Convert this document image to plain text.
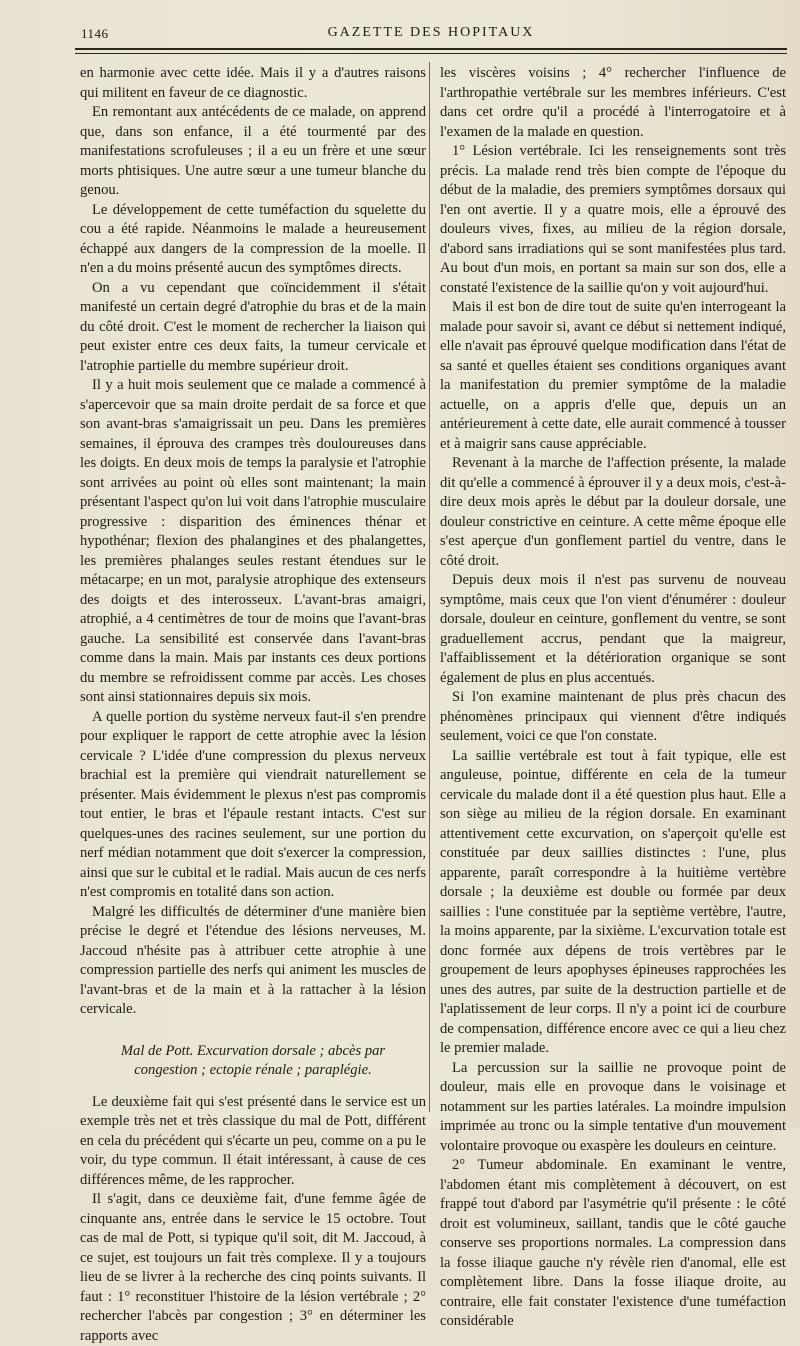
1146	GAZETTE DES HOPITAUX

en harmonie avec cette idée. Mais il y a d'autres raisons qui militent en faveur de ce diagnostic.

En remontant aux antécédents de ce malade, on apprend que, dans son enfance, il a été tourmenté par des manifestations scrofuleuses ; il a eu un frère et une sœur morts phtisiques. Une autre sœur a une tumeur blanche du genou.

Le développement de cette tuméfaction du squelette du cou a été rapide. Néanmoins le malade a heureusement échappé aux dangers de la compression de la moelle. Il n'en a du moins présenté aucun des symptômes directs.

On a vu cependant que coïncidemment il s'était manifesté un certain degré d'atrophie du bras et de la main du côté droit. C'est le moment de rechercher la liaison qui peut exister entre ces deux faits, la tumeur cervicale et l'atrophie partielle du membre supérieur droit.

Il y a huit mois seulement que ce malade a commencé à s'apercevoir que sa main droite perdait de sa force et que son avant-bras s'amaigrissait un peu. Dans les premières semaines, il éprouva des crampes très douloureuses dans les doigts. En deux mois de temps la paralysie et l'atrophie sont arrivées au point où elles sont maintenant; la main présentant l'aspect qu'on lui voit dans l'atrophie musculaire progressive : disparition des éminences thénar et hypothénar; flexion des phalangines et des phalangettes, les premières phalanges seules restant étendues sur le métacarpe; en un mot, paralysie atrophique des extenseurs des doigts et des interosseux. L'avant-bras amaigri, atrophié, a 4 centimètres de tour de moins que l'avant-bras gauche. La sensibilité est conservée dans l'avant-bras comme dans la main. Mais par instants ces deux portions du membre se refroidissent comme par accès. Les choses sont ainsi stationnaires depuis six mois.

A quelle portion du système nerveux faut-il s'en prendre pour expliquer le rapport de cette atrophie avec la lésion cervicale ? L'idée d'une compression du plexus nerveux brachial est la première qui viendrait naturellement se présenter. Mais évidemment le plexus n'est pas compromis tout entier, le bras et l'épaule restant intacts. C'est sur quelques-unes des racines seulement, sur une portion du nerf médian notamment que doit s'exercer la compression, ainsi que sur le cubital et le radial. Mais aucun de ces nerfs n'est compromis en totalité dans son action.

Malgré les difficultés de déterminer d'une manière bien précise le degré et l'étendue des lésions nerveuses, M. Jaccoud n'hésite pas à attribuer cette atrophie à une compression partielle des nerfs qui animent les muscles de l'avant-bras et de la main et à la rattacher à la lésion cervicale.

Mal de Pott. Excurvation dorsale ; abcès par congestion ; ectopie rénale ; paraplégie.

Le deuxième fait qui s'est présenté dans le service est un exemple très net et très classique du mal de Pott, différent en cela du précédent qui s'écarte un peu, comme on a pu le voir, du type commun. Il était intéressant, à cause de ces différences même, de les rapprocher.

Il s'agit, dans ce deuxième fait, d'une femme âgée de cinquante ans, entrée dans le service le 15 octobre. Tout cas de mal de Pott, si typique qu'il soit, dit M. Jaccoud, à ce sujet, est toujours un fait très complexe. Il y a toujours lieu de se livrer à la recherche des cinq points suivants. Il faut : 1° reconstituer l'histoire de la lésion vertébrale ; 2° rechercher l'abcès par congestion ; 3° en déterminer les rapports avec

les viscères voisins ; 4° rechercher l'influence de l'arthropathie vertébrale sur les membres inférieurs. C'est dans cet ordre qu'il a procédé à l'interrogatoire et à l'examen de la malade en question.

1° Lésion vertébrale. Ici les renseignements sont très précis. La malade rend très bien compte de l'époque du début de la maladie, des premiers symptômes dorsaux qui l'en ont avertie. Il y a quatre mois, elle a éprouvé des douleurs vives, fixes, au milieu de la région dorsale, d'abord sans irradiations qui se sont manifestées plus tard. Au bout d'un mois, en portant sa main sur son dos, elle a constaté l'existence de la saillie qu'on y voit aujourd'hui.

Mais il est bon de dire tout de suite qu'en interrogeant la malade pour savoir si, avant ce début si nettement indiqué, elle n'avait pas éprouvé quelque modification dans l'état de sa santé et quelles étaient ses conditions organiques avant la manifestation du premier symptôme de la maladie actuelle, on a appris d'elle que, depuis un an antérieurement à cette date, elle aurait commencé à tousser et à maigrir sans cause appréciable.

Revenant à la marche de l'affection présente, la malade dit qu'elle a commencé à éprouver il y a deux mois, c'est-à-dire deux mois après le début par la douleur dorsale, une douleur constrictive en ceinture. A cette même époque elle s'est aperçue d'un gonflement partiel du ventre, dans le côté droit.

Depuis deux mois il n'est pas survenu de nouveau symptôme, mais ceux que l'on vient d'énumérer : douleur dorsale, douleur en ceinture, gonflement du ventre, se sont graduellement accrus, pendant que la maigreur, l'affaiblissement et la détérioration organique se sont également de plus en plus accentués.

Si l'on examine maintenant de plus près chacun des phénomènes principaux qui viennent d'être indiqués seulement, voici ce que l'on constate.

La saillie vertébrale est tout à fait typique, elle est anguleuse, pointue, différente en cela de la tumeur cervicale du malade dont il a été question plus haut. Elle a son siège au milieu de la région dorsale. En examinant attentivement cette excurvation, on s'aperçoit qu'elle est constituée par deux saillies distinctes : l'une, plus apparente, paraît correspondre à la huitième vertèbre dorsale ; la deuxième est double ou formée par deux saillies : l'une constituée par la septième vertèbre, l'autre, la moins apparente, par la sixième. L'excurvation totale est donc formée aux dépens de trois vertèbres par le groupement de leurs apophyses épineuses rapprochées les unes des autres, par suite de la destruction partielle et de l'aplatissement de leur corps. Il n'y a point ici de courbure de compensation, différence encore avec ce qui a lieu chez le premier malade.

La percussion sur la saillie ne provoque point de douleur, mais elle en provoque dans le voisinage et notamment sur les parties latérales. La moindre impulsion imprimée au tronc ou la simple tentative d'un mouvement volontaire provoque ou exaspère les douleurs en ceinture.

2° Tumeur abdominale. En examinant le ventre, l'abdomen étant mis complètement à découvert, on est frappé tout d'abord par l'asymétrie qu'il présente : le côté droit est volumineux, saillant, tandis que le côté gauche conserve ses proportions normales. La compression dans la fosse iliaque gauche n'y révèle rien d'anomal, elle est complètement libre. Dans la fosse iliaque droite, au contraire, elle fait constater l'existence d'une tuméfaction considérable
